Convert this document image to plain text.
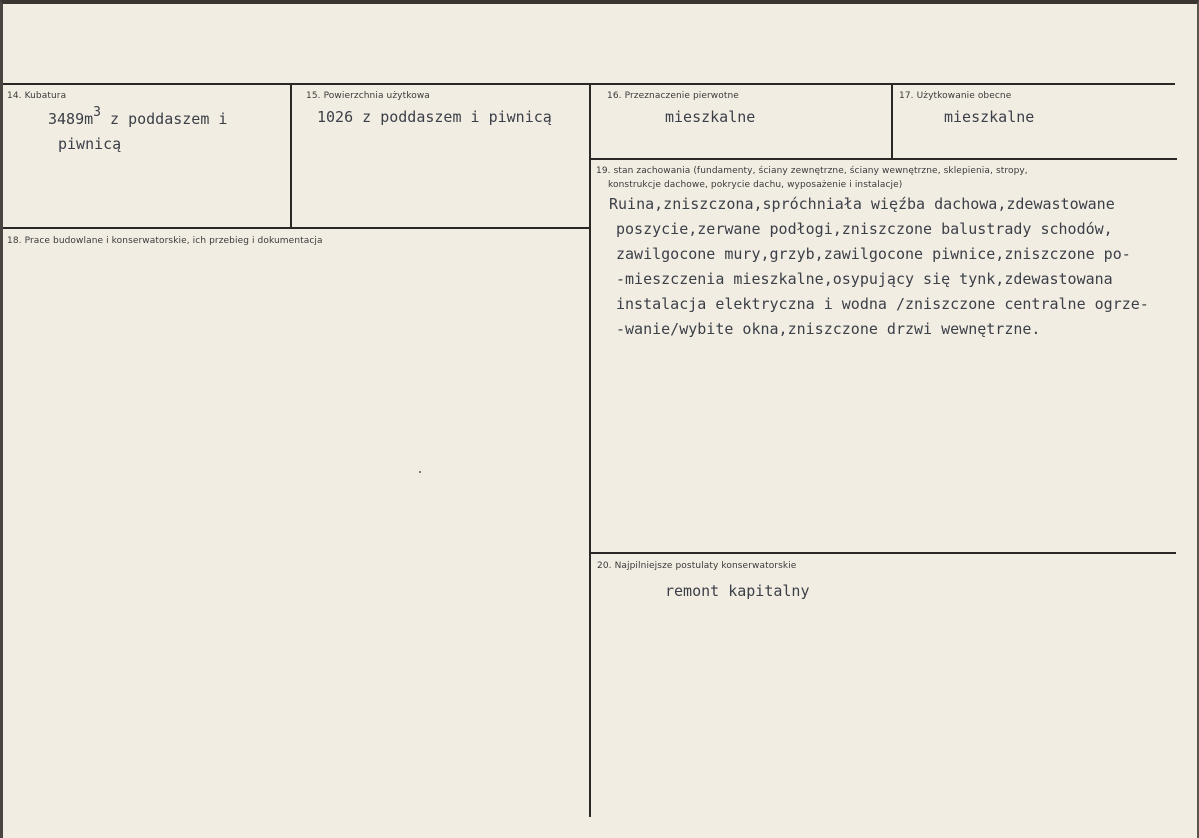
14. Kubatura
$3489m^3$ z poddaszem i
piwnicą
15. Powierzchnia użytkowa
1026 z poddaszem i piwnicą
16. Przeznaczenie pierwotne
mieszkalne
17. Użytkowanie obecne
mieszkalne
18. Prace budowlane i konserwatorskie, ich przebieg i dokumentacja
19. stan zachowania (fundamenty, ściany zewnętrzne, ściany wewnętrzne, sklepienia, stropy,
konstrukcje dachowe, pokrycie dachu, wyposażenie i instalacje)
Ruina,zniszczona,spróchniała więźba dachowa,zdewastowane
poszycie,zerwane podłogi,zniszczone balustrady schodów,
zawilgocone mury,grzyb,zawilgocone piwnice,zniszczone po-
-mieszczenia mieszkalne,osypujący się tynk,zdewastowana
instalacja elektryczna i wodna /zniszczone centralne ogrze-
-wanie/wybite okna,zniszczone drzwi wewnętrzne.
20. Najpilniejsze postulaty konserwatorskie
remont kapitalny
